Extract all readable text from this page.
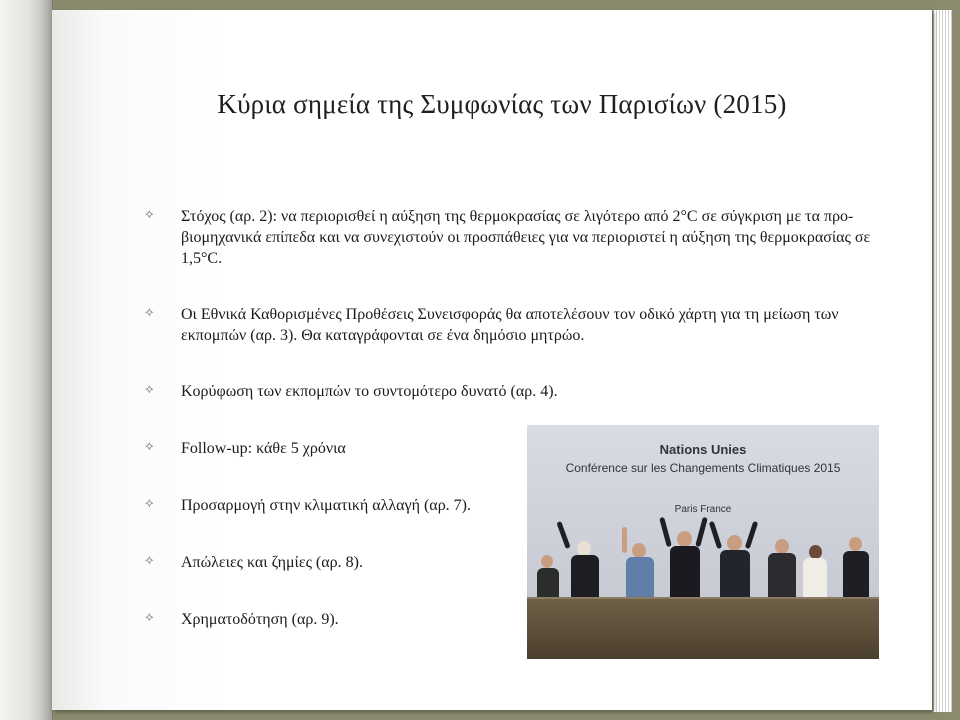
Κύρια σημεία της Συμφωνίας των Παρισίων (2015)
⟡	Στόχος (αρ. 2): να περιορισθεί η αύξηση της θερμοκρασίας σε λιγότερο από 2°C σε σύγκριση με τα προ-βιομηχανικά επίπεδα και να συνεχιστούν οι προσπάθειες για να περιοριστεί η αύξηση της θερμοκρασίας σε 1,5°C.
⟡	Οι Εθνικά Καθορισμένες Προθέσεις Συνεισφοράς θα αποτελέσουν τον οδικό χάρτη για τη μείωση των εκπομπών (αρ. 3). Θα καταγράφονται σε ένα δημόσιο μητρώο.
⟡	Κορύφωση των εκπομπών το συντομότερο δυνατό (αρ. 4).
⟡	Follow-up: κάθε 5 χρόνια
⟡	Προσαρμογή στην κλιματική αλλαγή (αρ. 7).
⟡	Απώλειες και ζημίες (αρ. 8).
⟡	Χρηματοδότηση (αρ. 9).
Nations Unies
Conférence sur les Changements Climatiques 2015
Paris France
